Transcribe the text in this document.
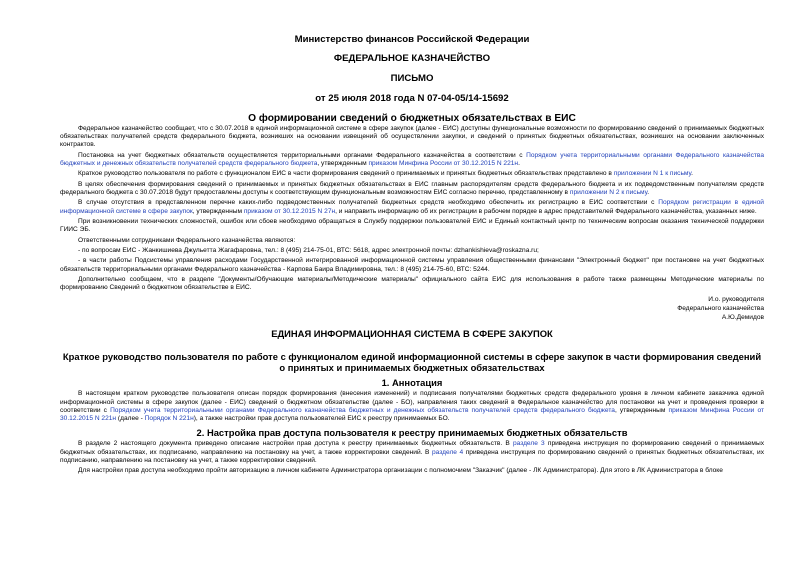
Министерство финансов Российской Федерации
ФЕДЕРАЛЬНОЕ КАЗНАЧЕЙСТВО
ПИСЬМО
от 25 июля 2018 года N 07-04-05/14-15692
О формировании сведений о бюджетных обязательствах в ЕИС

Федеральное казначейство сообщает, что с 30.07.2018 в единой информационной системе в сфере закупок (далее - ЕИС) доступны функциональные возможности по формированию сведений о принимаемых бюджетных обязательствах получателей средств федерального бюджета, возникших на основании извещений об осуществлении закупки, и сведений о принятых бюджетных обязательствах, возникших на основании заключенных контрактов.

Постановка на учет бюджетных обязательств осуществляется территориальными органами Федерального казначейства в соответствии с Порядком учета территориальными органами Федерального казначейства бюджетных и денежных обязательств получателей средств федерального бюджета, утвержденным приказом Минфина России от 30.12.2015 N 221н.

Краткое руководство пользователя по работе с функционалом ЕИС в части формирования сведений о принимаемых и принятых бюджетных обязательствах представлено в приложении N 1 к письму.

В целях обеспечения формирования сведений о принимаемых и принятых бюджетных обязательствах в ЕИС главным распорядителям средств федерального бюджета и их подведомственным получателям средств федерального бюджета с 30.07.2018 будут предоставлены доступы к соответствующим функциональным возможностям ЕИС согласно перечню, представленному в приложении N 2 к письму.

В случае отсутствия в представленном перечне каких-либо подведомственных получателей бюджетных средств необходимо обеспечить их регистрацию в ЕИС соответствии с Порядком регистрации в единой информационной системе в сфере закупок, утвержденным приказом от 30.12.2015 N 27н, и направить информацию об их регистрации в рабочем порядке в адрес представителей Федерального казначейства, указанных ниже.

При возникновении технических сложностей, ошибок или сбоев необходимо обращаться в Службу поддержки пользователей ЕИС и Единый контактный центр по техническим вопросам оказания технической поддержки ГИИС ЭБ.

Ответственными сотрудниками Федерального казначейства являются:

- по вопросам ЕИС - Жанкишиева Джульетта Жагафаровна, тел.: 8 (495) 214-75-01, ВТС: 5618, адрес электронной почты: dzhankishieva@roskazna.ru;

- в части работы Подсистемы управления расходами Государственной интегрированной информационной системы управления общественными финансами "Электронный бюджет" при постановке на учет бюджетных обязательств территориальными органами Федерального казначейства - Карпова Баира Владимировна, тел.: 8 (495) 214-75-60, ВТС: 5244.

Дополнительно сообщаем, что в разделе "Документы/Обучающие материалы/Методические материалы" официального сайта ЕИС для использования в работе также размещены Методические материалы по формированию Сведений о бюджетном обязательстве в ЕИС.

И.о. руководителя
Федерального казначейства
А.Ю.Демидов
ЕДИНАЯ ИНФОРМАЦИОННАЯ СИСТЕМА В СФЕРЕ ЗАКУПОК
Краткое руководство пользователя по работе с функционалом единой информационной системы в сфере закупок в части формирования сведений о принятых и принимаемых бюджетных обязательствах
1. Аннотация

В настоящем кратком руководстве пользователя описан порядок формирования (внесения изменений) и подписания получателями бюджетных средств федерального уровня в личном кабинете заказчика единой информационной системы в сфере закупок (далее - ЕИС) сведений о бюджетном обязательстве (далее - БО), направления таких сведений в Федеральное казначейство для постановки на учет и проведения проверки в соответствии с Порядком учета территориальными органами Федерального казначейства бюджетных и денежных обязательств получателей средств федерального бюджета, утвержденным приказом Минфина России от 30.12.2015 N 221н (далее - Порядок N 221н), а также настройки прав доступа пользователей ЕИС к реестру принимаемых БО.

2. Настройка прав доступа пользователя к реестру принимаемых бюджетных обязательств

В разделе 2 настоящего документа приведено описание настройки прав доступа к реестру принимаемых бюджетных обязательств. В разделе 3 приведена инструкция по формированию сведений о принимаемых бюджетных обязательствах, их подписанию, направлению на постановку на учет, а также корректировки сведений. В разделе 4 приведена инструкция по формированию сведений о принятых бюджетных обязательствах, их подписанию, направлению на постановку на учет, а также корректировки сведений.

Для настройки прав доступа необходимо пройти авторизацию в личном кабинете Администратора организации с полномочием "Заказчик" (далее - ЛК Администратора). Для этого в ЛК Администратора в блоке
